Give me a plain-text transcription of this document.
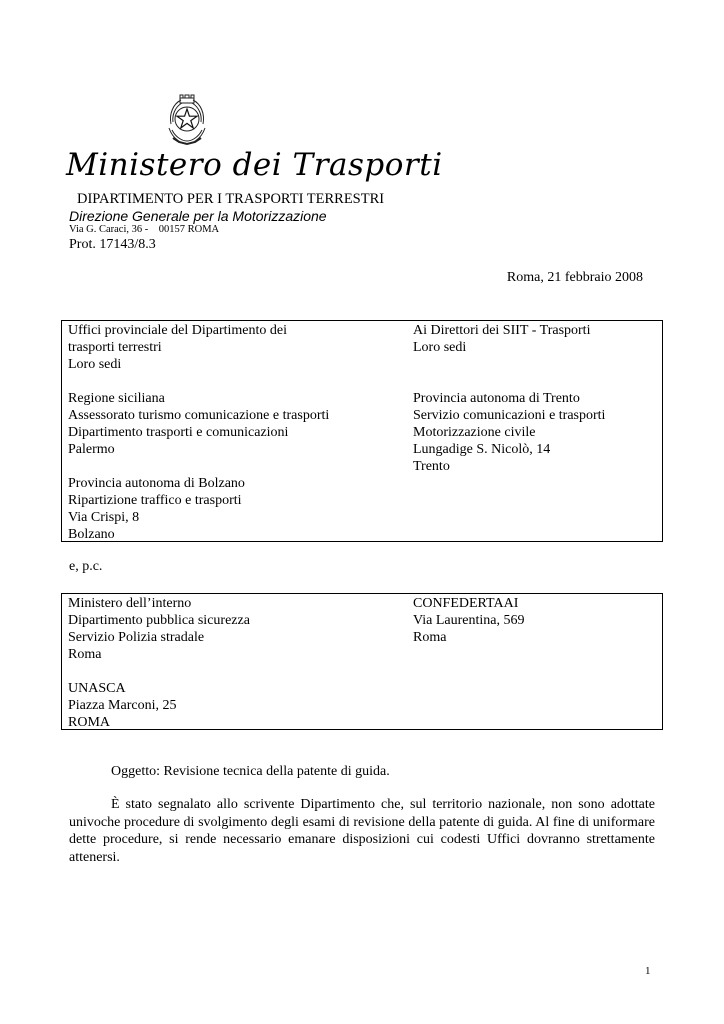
Ministero dei Trasporti
DIPARTIMENTO PER I TRASPORTI TERRESTRI
Direzione Generale per la Motorizzazione
Via G. Caraci, 36 -    00157 ROMA
Prot. 17143/8.3
Roma, 21 febbraio 2008
Uffici provinciale del Dipartimento dei
trasporti terrestri
Loro sedi
Regione siciliana
Assessorato turismo comunicazione e trasporti
Dipartimento trasporti e comunicazioni
Palermo
Provincia autonoma di Bolzano
Ripartizione traffico e trasporti
Via Crispi, 8
Bolzano
Ai Direttori dei SIIT - Trasporti
Loro sedi

Provincia autonoma di Trento
Servizio comunicazioni e trasporti
Motorizzazione civile
Lungadige S. Nicolò, 14
Trento
e, p.c.
Ministero dell’interno
Dipartimento pubblica sicurezza
Servizio Polizia stradale
Roma
UNASCA
Piazza Marconi, 25
ROMA
CONFEDERTAAI
Via Laurentina, 569
Roma
Oggetto: Revisione tecnica della patente di guida.
È stato segnalato allo scrivente Dipartimento che, sul territorio nazionale, non sono adottate univoche procedure di svolgimento degli esami di revisione della patente di guida. Al fine di uniformare dette procedure, si rende necessario emanare disposizioni cui codesti Uffici dovranno strettamente attenersi.
1
